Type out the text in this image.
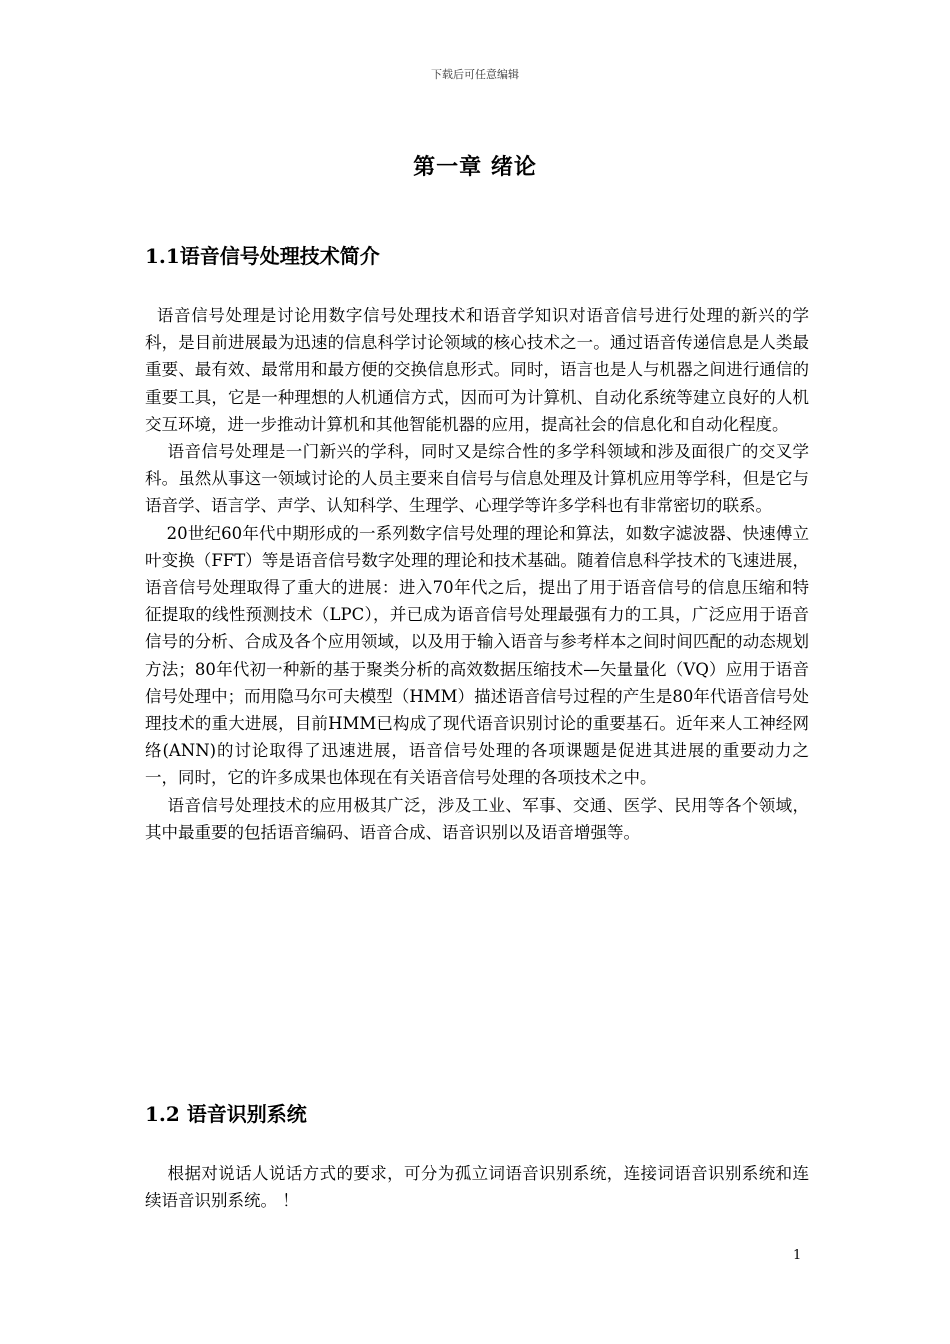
下载后可任意编辑
第一章 绪论
1.1语音信号处理技术简介

语音信号处理是讨论用数字信号处理技术和语音学知识对语音信号进行处理的新兴的学科，是目前进展最为迅速的信息科学讨论领域的核心技术之一。通过语音传递信息是人类最重要、最有效、最常用和最方便的交换信息形式。同时，语言也是人与机器之间进行通信的重要工具，它是一种理想的人机通信方式，因而可为计算机、自动化系统等建立良好的人机交互环境，进一步推动计算机和其他智能机器的应用，提高社会的信息化和自动化程度。

语音信号处理是一门新兴的学科，同时又是综合性的多学科领域和涉及面很广的交叉学科。虽然从事这一领域讨论的人员主要来自信号与信息处理及计算机应用等学科，但是它与语音学、语言学、声学、认知科学、生理学、心理学等许多学科也有非常密切的联系。

20世纪60年代中期形成的一系列数字信号处理的理论和算法，如数字滤波器、快速傅立叶变换（FFT）等是语音信号数字处理的理论和技术基础。随着信息科学技术的飞速进展，语音信号处理取得了重大的进展：进入70年代之后，提出了用于语音信号的信息压缩和特征提取的线性预测技术（LPC），并已成为语音信号处理最强有力的工具，广泛应用于语音信号的分析、合成及各个应用领域，以及用于输入语音与参考样本之间时间匹配的动态规划方法；80年代初一种新的基于聚类分析的高效数据压缩技术—矢量量化（VQ）应用于语音信号处理中；而用隐马尔可夫模型（HMM）描述语音信号过程的产生是80年代语音信号处理技术的重大进展，目前HMM已构成了现代语音识别讨论的重要基石。近年来人工神经网络(ANN)的讨论取得了迅速进展，语音信号处理的各项课题是促进其进展的重要动力之一，同时，它的许多成果也体现在有关语音信号处理的各项技术之中。

语音信号处理技术的应用极其广泛，涉及工业、军事、交通、医学、民用等各个领域，其中最重要的包括语音编码、语音合成、语音识别以及语音增强等。

1.2 语音识别系统

根据对说话人说话方式的要求，可分为孤立词语音识别系统，连接词语音识别系统和连续语音识别系统。 ！

1
